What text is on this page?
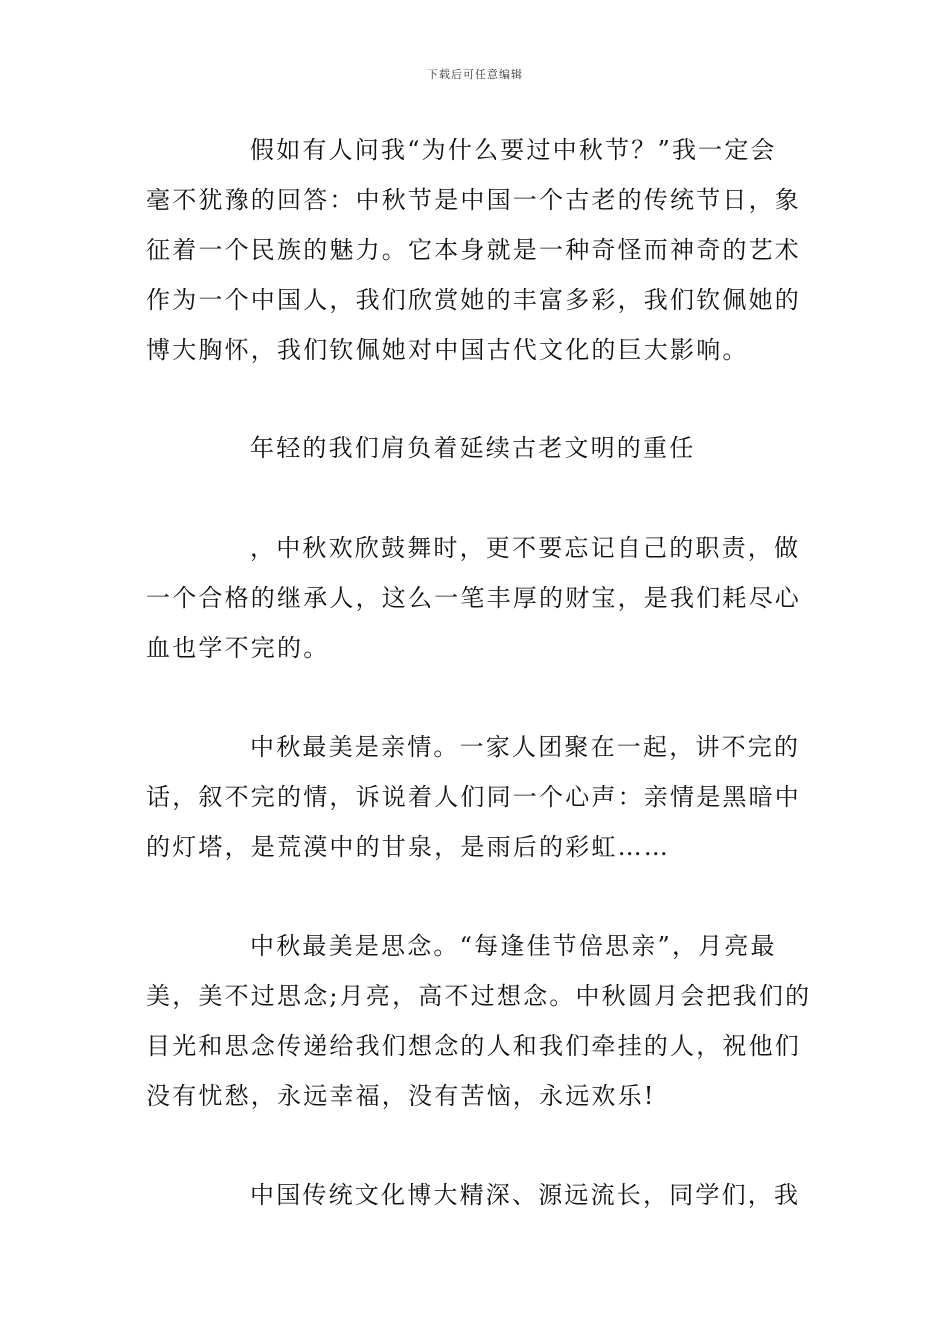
下载后可任意编辑
假如有人问我“为什么要过中秋节？”我一定会
毫不犹豫的回答：中秋节是中国一个古老的传统节日，象
征着一个民族的魅力。它本身就是一种奇怪而神奇的艺术
作为一个中国人，我们欣赏她的丰富多彩，我们钦佩她的
博大胸怀，我们钦佩她对中国古代文化的巨大影响。
年轻的我们肩负着延续古老文明的重任
，中秋欢欣鼓舞时，更不要忘记自己的职责，做
一个合格的继承人，这么一笔丰厚的财宝，是我们耗尽心
血也学不完的。
中秋最美是亲情。一家人团聚在一起，讲不完的
话，叙不完的情，诉说着人们同一个心声：亲情是黑暗中
的灯塔，是荒漠中的甘泉，是雨后的彩虹……
中秋最美是思念。“每逢佳节倍思亲”，月亮最
美，美不过思念;月亮，高不过想念。中秋圆月会把我们的
目光和思念传递给我们想念的人和我们牵挂的人，祝他们
没有忧愁，永远幸福，没有苦恼，永远欢乐!
中国传统文化博大精深、源远流长，同学们，我
